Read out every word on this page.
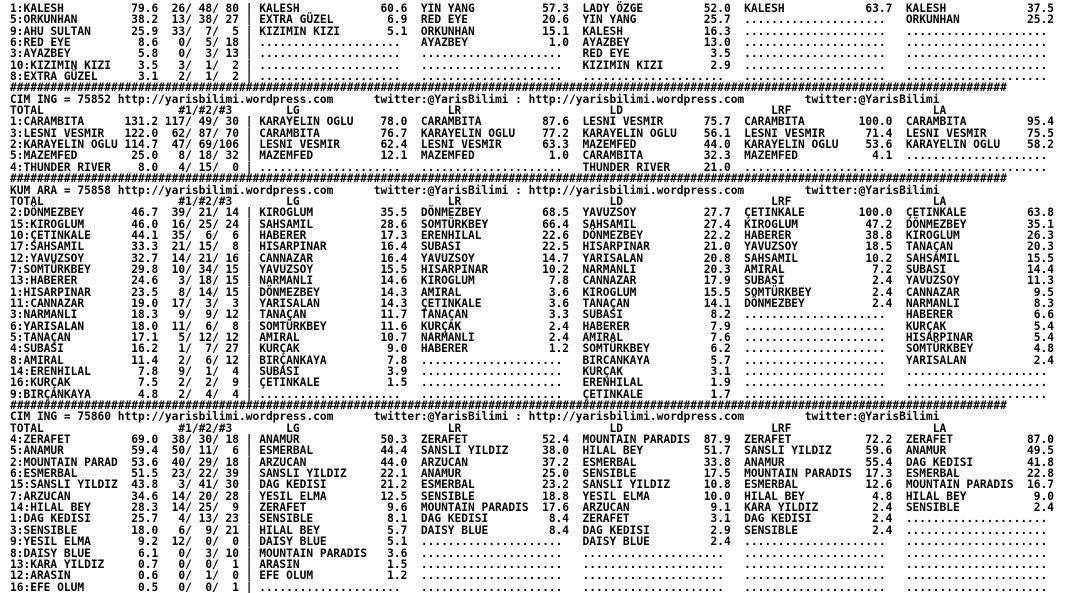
1:KALESH          79.6  26/ 48/ 80 | KALESH            60.6  YIN YANG          57.3  LADY ÖZGE         52.0  KALESH            63.7  KALESH            37.5
5:ORKUNHAN        38.2  13/ 38/ 27 | EXTRA GÜZEL        6.9  RED EYE           20.6  YIN YANG          25.7  .....................   ORKUNHAN          25.2
9:AHU SULTAN      25.9  33/  7/  5 | KIZIMIN KIZI       5.1  ORKUNHAN          15.1  KALESH            16.3  .....................   .....................
6:RED EYE          8.6   0/  5/ 18 | .....................   AYAZBEY            1.0  AYAZBEY           13.0  .....................   .....................
3:AYAZBEY          5.8   0/  3/ 13 | .....................   .....................   RED EYE            3.5  .....................   .....................
10:KIZIMIN KIZI    3.5   3/  1/  2 | .....................   .....................   KIZIMIN KIZI       2.9  .....................   .....................
8:EXTRA GÜZEL      3.1   2/  1/  2 | .....................   .....................   .....................   .....................   .....................
####################################################################################################################################################
CIM ING = 75852 http://yarisbilimi.wordpress.com      twitter:@YarisBilimi : http://yarisbilimi.wordpress.com         twitter:@YarisBilimi
TOTAL                    #1/#2/#3        LG                      LR                      LD                      LRF                     LA
1:CARAMBITA      131.2 117/ 49/ 30 | KARAYELIN OGLU    78.0  CARAMBITA         87.6  LESNI VESMIR      75.7  CARAMBITA        100.0  CARAMBITA         95.4
3:LESNI VESMIR   122.0  62/ 87/ 70 | CARAMBITA         76.7  KARAYELIN OGLU    77.2  KARAYELIN OGLU    56.1  LESNI VESMIR      71.4  LESNI VESMIR      75.5
2:KARAYELIN OGLU 114.7  47/ 69/106 | LESNI VESMIR      62.4  LESNI VESMIR      63.3  MAZEMFED          44.0  KARAYELIN OGLU    53.6  KARAYELIN OGLU    58.2
5:MAZEMFED        25.0   8/ 18/ 32 | MAZEMFED          12.1  MAZEMFED           1.0  CARAMBITA         32.3  MAZEMFED           4.1  .....................
4:THUNDER RIVER    8.0   4/ 15/  0 | .....................   .....................   THUNDER RIVER     21.0  .....................   .....................
####################################################################################################################################################
KUM ARA = 75858 http://yarisbilimi.wordpress.com      twitter:@YarisBilimi : http://yarisbilimi.wordpress.com         twitter:@YarisBilimi
TOTAL                    #1/#2/#3        LG                      LR                      LD                      LRF                     LA
2:DÖNMEZBEY       46.7  39/ 21/ 14 | KIROGLUM          35.5  DÖNMEZBEY         68.5  YAVUZSOY          27.7  ÇETINKALE        100.0  ÇETINKALE         63.8
15:KIROGLUM       46.0  16/ 25/ 24 | SAHSAMIL          28.6  SOMTÜRKBEY        66.4  SAHSAMIL          27.4  KIROGLUM          47.2  DÖNMEZBEY         35.1
10:ÇETINKALE      44.1  35/  6/  6 | HABERER           17.3  ERENHILAL         22.6  DÖNMEZBEY         22.2  HABERER           38.8  KIROGLUM          26.3
17:SAHSAMIL       33.3  21/ 15/  8 | HISARPINAR        16.4  SUBASI            22.5  HISARPINAR        21.0  YAVUZSOY          18.5  TANAÇAN           20.3
12:YAVUZSOY       32.7  14/ 21/ 16 | CANNAZAR          16.4  YAVUZSOY          14.7  YARISALAN         20.8  SAHSAMIL          10.2  SAHSAMIL          15.5
7:SOMTÜRKBEY      29.8  10/ 34/ 15 | YAVUZSOY          15.5  HISARPINAR        10.2  NARMANLI          20.3  AMIRAL             7.2  SUBASI            14.4
13:HABERER        24.6   3/ 18/ 15 | NARMANLI          14.6  KIROGLUM           7.8  CANNAZAR          17.9  SUBASI             2.4  YAVUZSOY          11.3
1:HISARPINAR      23.5   8/ 14/ 15 | DÖNMEZBEY         14.3  AMIRAL             3.6  KIROGLUM          15.5  SOMTÜRKBEY         2.4  CANNAZAR           9.5
11:CANNAZAR       19.0  17/  3/  3 | YARISALAN         14.3  ÇETINKALE          3.6  TANAÇAN           14.1  DÖNMEZBEY          2.4  NARMANLI           8.3
3:NARMANLI        18.3   9/  9/ 12 | TANAÇAN           11.7  TANAÇAN            3.3  SUBASI             8.2  .....................   HABERER            6.6
6:YARISALAN       18.0  11/  6/  8 | SOMTÜRKBEY        11.6  KURÇAK             2.4  HABERER            7.9  .....................   KURÇAK             5.4
5:TANAÇAN         17.1   5/ 12/ 12 | AMIRAL            10.7  NARMANLI           2.4  AMIRAL             7.6  .....................   HISARPINAR         5.4
4:SUBASI          16.2   1/  7/ 27 | KURÇAK             9.0  HABERER            1.2  SOMTÜRKBEY         6.2  .....................   SOMTÜRKBEY         4.8
8:AMIRAL          11.4   2/  6/ 12 | BIRÇANKAYA         7.8  .....................   BIRCANKAYA         5.7  .....................   YARISALAN          2.4
14:ERENHILAL       7.8   9/  1/  4 | SUBASI             3.9  .....................   KURÇAK             3.1  .....................   .....................
16:KURÇAK          7.5   2/  2/  9 | ÇETINKALE          1.5  .....................   ERENHILAL          1.9  .....................   .....................
9:BIRÇANKAYA       4.8   2/  4/  4 | .....................   .....................   ÇETINKALE          1.7  .....................   .....................
####################################################################################################################################################
CIM ING = 75860 http://yarisbilimi.wordpress.com      twitter:@YarisBilimi : http://yarisbilimi.wordpress.com         twitter:@YarisBilimi
TOTAL                    #1/#2/#3        LG                      LR                      LD                      LRF                     LA
4:ZERAFET         69.0  38/ 30/ 18 | ANAMUR            50.3  ZERAFET           52.4  MOUNTAIN PARADIS  87.9  ZERAFET           72.2  ZERAFET           87.0
5:ANAMUR          59.4  50/ 11/  6 | ESMERBAL          44.4  SANSLI YILDIZ     38.0  HILAL BEY         51.7  SANSLI YILDIZ     59.6  ANAMUR            49.5
2:MOUNTAIN PARAD  53.6  40/ 29/ 18 | ARZUCAN           44.0  ARZUCAN           37.2  ESMERBAL          33.8  ANAMUR            55.4  DAG KEDISI        41.8
6:ESMERBAL        51.5  23/ 22/ 39 | SANSLI YILDIZ     22.1  ANAMUR            25.0  SENSIBLE          17.5  MOUNTAIN PARADIS  17.3  ESMERBAL          22.8
15:SANSLI YILDIZ  43.8   3/ 41/ 30 | DAG KEDISI        21.2  ESMERBAL          23.2  SANSLI YILDIZ     10.8  ESMERBAL          12.6  MOUNTAIN PARADIS  16.7
7:ARZUCAN         34.6  14/ 20/ 28 | YESIL ELMA        12.5  SENSIBLE          18.8  YESIL ELMA        10.0  HILAL BEY          4.8  HILAL BEY          9.0
14:HILAL BEY      28.3  14/ 25/  9 | ZERAFET            9.6  MOUNTAIN PARADIS  17.6  ARZUCAN            9.1  KARA YILDIZ        2.4  SENSIBLE           2.4
1:DAG KEDISI      25.7   4/ 13/ 23 | SENSIBLE           8.1  DAG KEDISI         8.4  ZERAFET            3.1  DAG KEDISI         2.4  .....................
3:SENSIBLE        18.0   6/  9/ 21 | HILAL BEY          5.7  DAISY BLUE         8.4  DAG KEDISI         2.9  SENSIBLE           2.4  .....................
9:YESIL ELMA       9.2  12/  0/  0 | DAISY BLUE         5.1  .....................   DAISY BLUE         2.4  .....................   .....................
8:DAISY BLUE       6.1   0/  3/ 10 | MOUNTAIN PARADIS   3.6  .....................   .....................   .....................   .....................
13:KARA YILDIZ     0.7   0/  0/  1 | ARASIN             1.5  .....................   .....................   .....................   .....................
12:ARASIN          0.6   0/  1/  0 | EFE OLUM           1.2  .....................   .....................   .....................   .....................
16:EFE OLUM        0.5   0/  0/  1 | .....................   .....................   .....................   .....................   .....................
